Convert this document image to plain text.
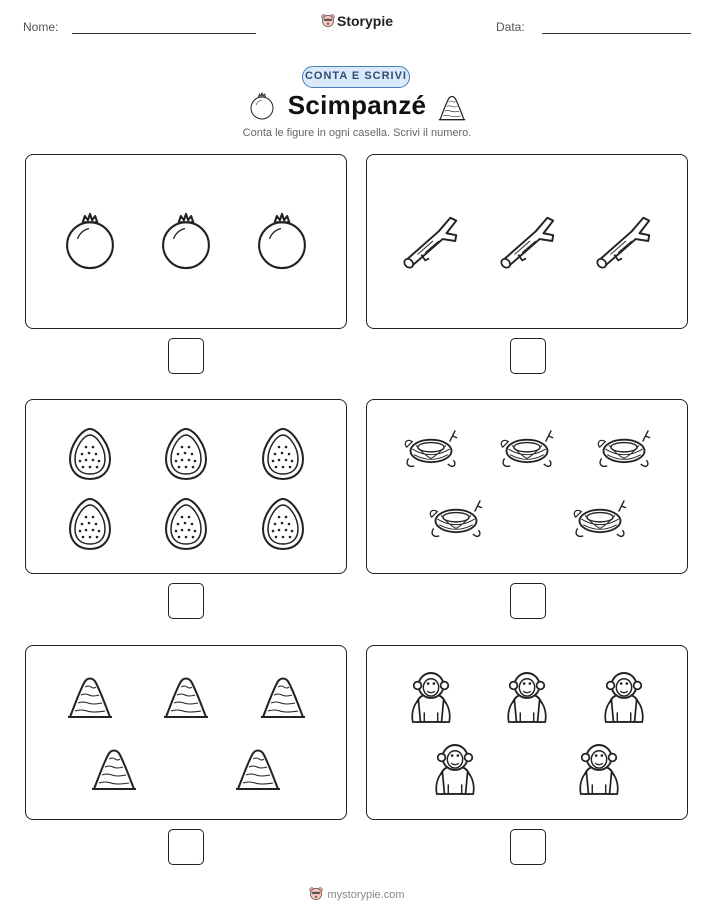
Nome:	Storypie	Data:
CONTA E SCRIVI
Scimpanzé
Conta le figure in ogni casella. Scrivi il numero.
mystorypie.com
